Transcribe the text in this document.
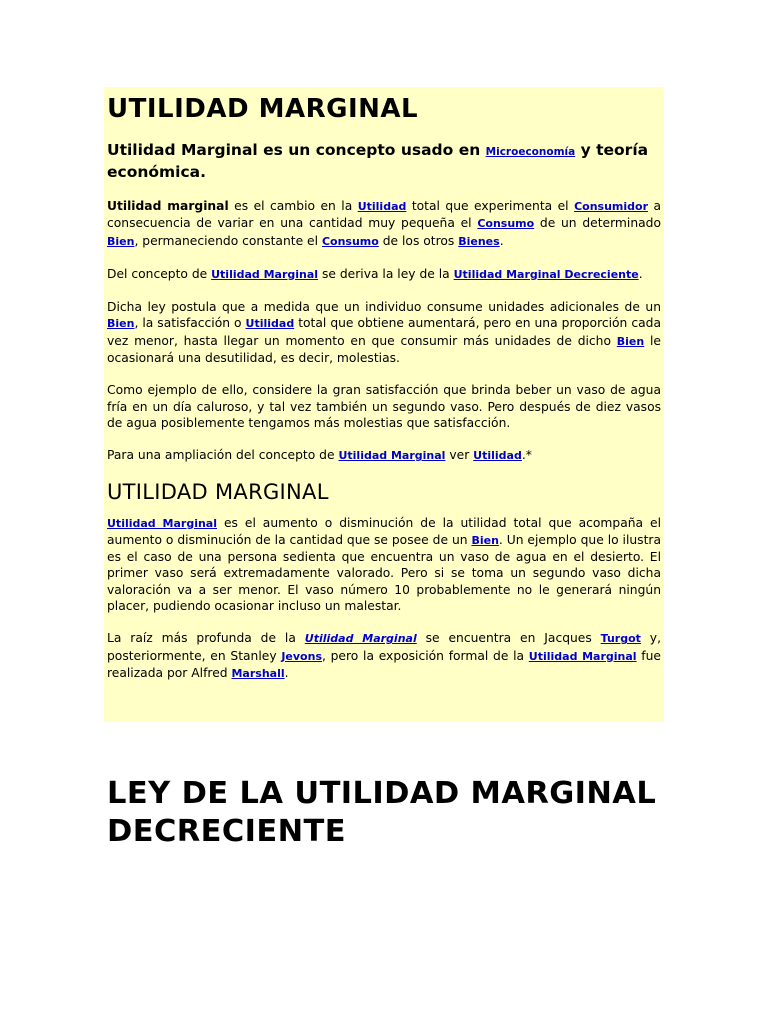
UTILIDAD MARGINAL
Utilidad Marginal es un concepto usado en Microeconomía y teoría económica.

Utilidad marginal es el cambio en la Utilidad total que experimenta el Consumidor a consecuencia de variar en una cantidad muy pequeña el Consumo de un determinado Bien, permaneciendo constante el Consumo de los otros Bienes.

Del concepto de Utilidad Marginal se deriva la ley de la Utilidad Marginal Decreciente.

Dicha ley postula que a medida que un individuo consume unidades adicionales de un Bien, la satisfacción o Utilidad total que obtiene aumentará, pero en una proporción cada vez menor, hasta llegar un momento en que consumir más unidades de dicho Bien le ocasionará una desutilidad, es decir, molestias.

Como ejemplo de ello, considere la gran satisfacción que brinda beber un vaso de agua fría en un día caluroso, y tal vez también un segundo vaso. Pero después de diez vasos de agua posiblemente tengamos más molestias que satisfacción.

Para una ampliación del concepto de Utilidad Marginal ver Utilidad.*

UTILIDAD MARGINAL

Utilidad Marginal es el aumento o disminución de la utilidad total que acompaña el aumento o disminución de la cantidad que se posee de un Bien. Un ejemplo que lo ilustra es el caso de una persona sedienta que encuentra un vaso de agua en el desierto. El primer vaso será extremadamente valorado. Pero si se toma un segundo vaso dicha valoración va a ser menor. El vaso número 10 probablemente no le generará ningún placer, pudiendo ocasionar incluso un malestar.

La raíz más profunda de la Utilidad Marginal se encuentra en Jacques Turgot y, posteriormente, en Stanley Jevons, pero la exposición formal de la Utilidad Marginal fue realizada por Alfred Marshall.

LEY DE LA UTILIDAD MARGINAL DECRECIENTE
